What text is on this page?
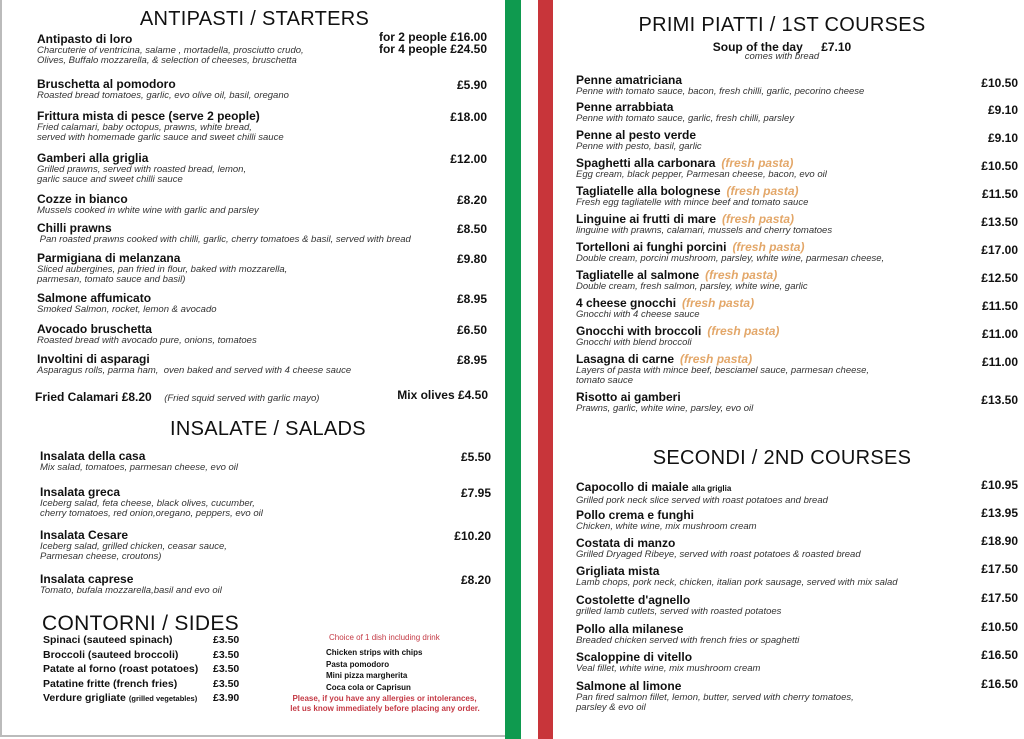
ANTIPASTI / STARTERS
Antipasto di loro
Charcuterie of ventricina, salame , mortadella, prosciutto crudo,
Olives, Buffalo mozzarella, & selection of cheeses, bruschetta
for 2 people £16.00
for 4 people £24.50
Bruschetta al pomodoro
Roasted bread tomatoes, garlic, evo olive oil, basil, oregano
£5.90
Frittura mista di pesce (serve 2 people)
Fried calamari, baby octopus, prawns, white bread,
served with homemade garlic sauce and sweet chilli sauce
£18.00
Gamberi alla griglia
Grilled prawns, served with roasted bread, lemon,
garlic sauce and sweet chilli sauce
£12.00
Cozze in bianco
Mussels cooked in white wine with garlic and parsley
£8.20
Chilli prawns
Pan roasted prawns cooked with chilli, garlic, cherry tomatoes & basil, served with bread
£8.50
Parmigiana di melanzana
Sliced aubergines, pan fried in flour, baked with mozzarella,
parmesan, tomato sauce and basil)
£9.80
Salmone affumicato
Smoked Salmon, rocket, lemon & avocado
£8.95
Avocado bruschetta
Roasted bread with avocado pure, onions, tomatoes
£6.50
Involtini di asparagi
Asparagus rolls, parma ham,  oven baked and served with 4 cheese sauce
£8.95
Fried Calamari £8.20 (Fried squid served with garlic mayo)	Mix olives £4.50
INSALATE / SALADS
Insalata della casa
Mix salad, tomatoes, parmesan cheese, evo oil
£5.50
Insalata greca
Iceberg salad, feta cheese, black olives, cucumber,
cherry tomatoes, red onion,oregano, peppers, evo oil
£7.95
Insalata Cesare
Iceberg salad, grilled chicken, ceasar sauce,
Parmesan cheese, croutons)
£10.20
Insalata caprese
Tomato, bufala mozzarella,basil and evo oil
£8.20
CONTORNI / SIDES
Spinaci (sauteed spinach)	£3.50
Broccoli (sauteed broccoli)	£3.50
Patate al forno (roast potatoes) £3.50
Patatine fritte (french fries)	£3.50
Verdure grigliate (grilled vegetables) £3.90
Choice of 1 dish including drink
Chicken strips with chips
Pasta pomodoro
Mini pizza margherita
Coca cola or Caprisun
Please, if you have any allergies or intolerances,
let us know immediately before placing any order.
PRIMI PIATTI / 1ST COURSES
Soup of the day £7.10
comes with bread
Penne amatriciana
Penne with tomato sauce, bacon, fresh chilli, garlic, pecorino cheese
£10.50
Penne arrabbiata
Penne with tomato sauce, garlic, fresh chilli, parsley
£9.10
Penne al pesto verde
Penne with pesto, basil, garlic
£9.10
Spaghetti alla carbonara (fresh pasta)
Egg cream, black pepper, Parmesan cheese, bacon, evo oil
£10.50
Tagliatelle alla bolognese (fresh pasta)
Fresh egg tagliatelle with mince beef and tomato sauce
£11.50
Linguine ai frutti di mare (fresh pasta)
linguine with prawns, calamari, mussels and cherry tomatoes
£13.50
Tortelloni ai funghi porcini (fresh pasta)
Double cream, porcini mushroom, parsley, white wine, parmesan cheese,
£17.00
Tagliatelle al salmone (fresh pasta)
Double cream, fresh salmon, parsley, white wine, garlic
£12.50
4 cheese gnocchi (fresh pasta)
Gnocchi with 4 cheese sauce
£11.50
Gnocchi with broccoli (fresh pasta)
Gnocchi with blend broccoli
£11.00
Lasagna di carne (fresh pasta)
Layers of pasta with mince beef, besciamel sauce, parmesan cheese,
tomato sauce
£11.00
Risotto ai gamberi
Prawns, garlic, white wine, parsley, evo oil
£13.50
SECONDI / 2ND COURSES
Capocollo di maiale alla griglia
Grilled pork neck slice served with roast potatoes and bread
£10.95
Pollo crema e funghi
Chicken, white wine, mix mushroom cream
£13.95
Costata di manzo
Grilled Dryaged Ribeye, served with roast potatoes & roasted bread
£18.90
Grigliata mista
Lamb chops, pork neck, chicken, italian pork sausage, served with mix salad
£17.50
Costolette d'agnello
grilled lamb cutlets, served with roasted potatoes
£17.50
Pollo alla milanese
Breaded chicken served with french fries or spaghetti
£10.50
Scaloppine di vitello
Veal fillet, white wine, mix mushroom cream
£16.50
Salmone al limone
Pan fired salmon fillet, lemon, butter, served with cherry tomatoes,
parsley & evo oil
£16.50
